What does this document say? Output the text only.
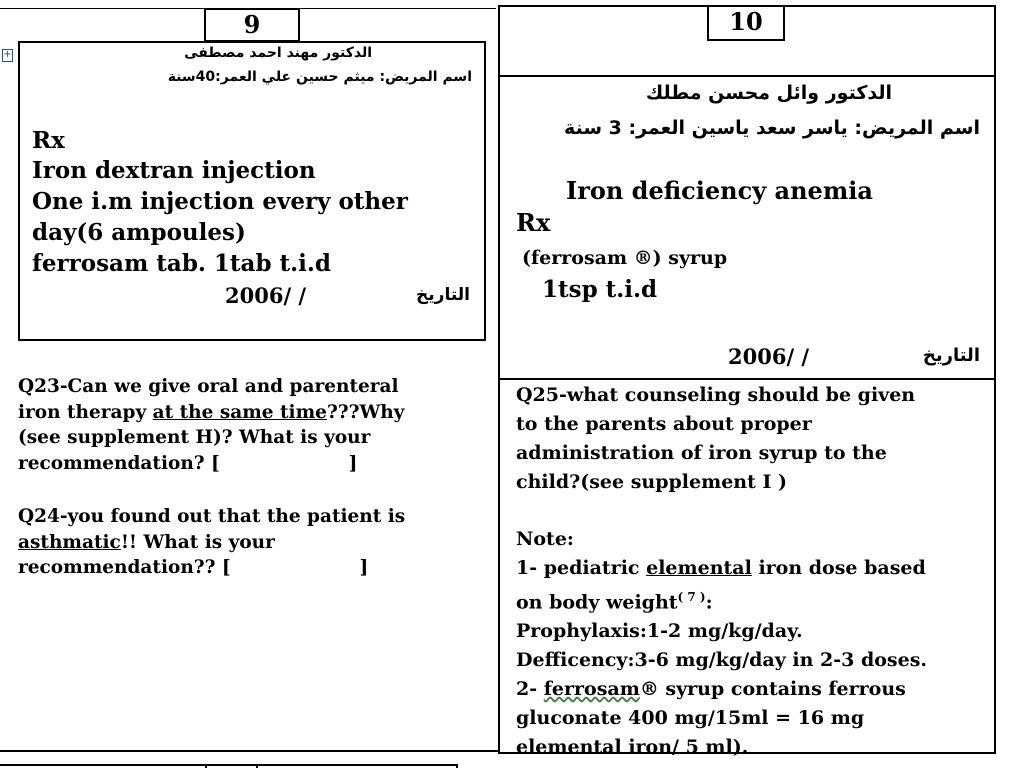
+
9
الدكتور مهند احمد مصطفى
اسم المريض: ميثم حسين علي العمر:40سنة
Rx
Iron dextran injection
One i.m injection every other
day(6 ampoules)
ferrosam tab. 1tab t.i.d
2006/ /	التاريخ

Q23-Can we give oral and parenteral

iron therapy at the same time???Why

(see supplement H)? What is your

recommendation? [                    ]

Q24-you found out that the patient is

asthmatic!! What is your

recommendation?? [                    ]

10
الدكتور وائل محسن مطلك
اسم المريض: ياسر سعد ياسين العمر: 3 سنة
Iron deficiency anemia
Rx
(ferrosam ®) syrup
1tsp t.i.d
2006/ /	التاريخ

Q25-what counseling should be given

to the parents about proper

administration of iron syrup to the

child?(see supplement I )

Note:

1- pediatric elemental iron dose based

on body weight$^{( 7 )}$:

Prophylaxis:1-2 mg/kg/day.

Defficency:3-6 mg/kg/day in 2-3 doses.

2- ferrosam® syrup contains ferrous

gluconate 400 mg/15ml = 16 mg

elemental iron/ 5 ml).
